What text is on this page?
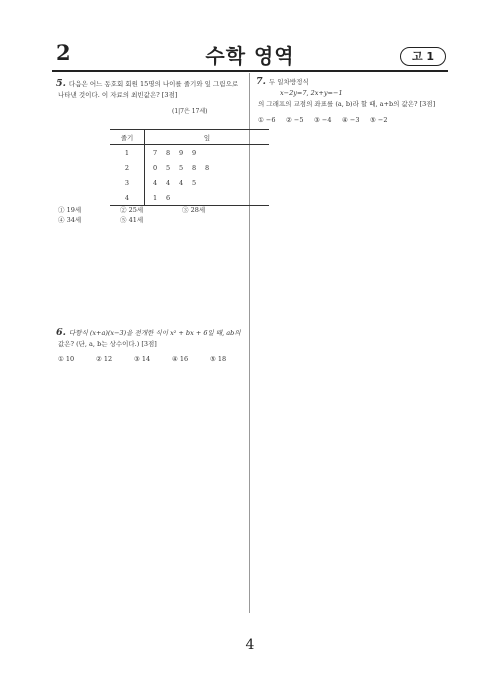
2	수학 영역	고 1
5. 다음은 어느 동호회 회원 15명의 나이를 줄기와 잎 그림으로
나타낸 것이다. 이 자료의 최빈값은? [3점]
(1|7은 17세)
줄기	잎
1	7 8 9 9
2	0 5 5 8 8
3	4 4 4 5
4	1 6
① 19세	② 25세	③ 28세
④ 34세	⑤ 41세
6. 다항식 (x+a)(x−3)을 전개한 식이 x² + bx + 6일 때, ab의
값은? (단, a, b는 상수이다.) [3점]
① 10	② 12	③ 14	④ 16	⑤ 18
7. 두 일차방정식
x−2y=7, 2x+y=−1
의 그래프의 교점의 좌표를 (a, b)라 할 때, a+b의 값은? [3점]
① −6 ② −5 ③ −4 ④ −3 ⑤ −2
4
